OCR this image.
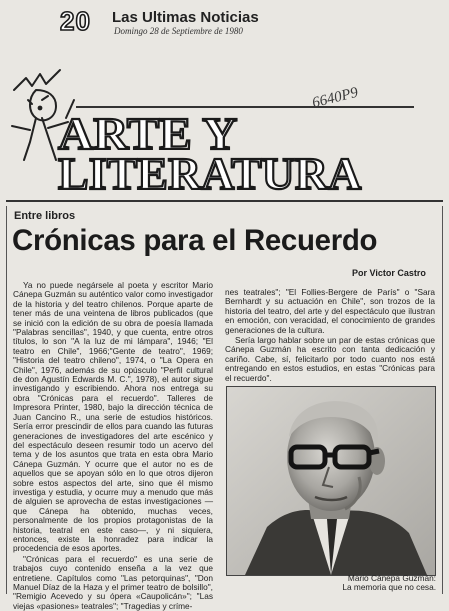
20 Las Ultimas Noticias
Domingo 28 de Septiembre de 1980
ARTE Y
LITERATURA
6640P9
Entre libros
Crónicas para el Recuerdo
Por Victor Castro

Ya no puede negársele al poeta y escritor Mario Cánepa Guzmán su auténtico valor como investigador de la historia y del teatro chilenos. Porque aparte de tener más de una veintena de libros publicados (que se inició con la edición de su obra de poesía llamada "Palabras sencillas", 1940, y que cuenta, entre otros títulos, lo son "A la luz de mi lámpara", 1946; "El teatro en Chile", 1966;"Gente de teatro", 1969; "Historia del teatro chileno", 1974, o "La Opera en Chile", 1976, además de su opúsculo "Perfil cultural de don Agustín Edwards M. C.", 1978), el autor sigue investigando y escribiendo. Ahora nos entrega su obra "Crónicas para el recuerdo". Talleres de Impresora Printer, 1980, bajo la dirección técnica de Juan Cancino R., una serie de estudios históricos. Sería error prescindir de ellos para cuando las futuras generaciones de investigadores del arte escénico y del espectáculo deseen resumir todo un acervo del tema y de los asuntos que trata en esta obra Mario Cánepa Guzmán. Y ocurre que el autor no es de aquellos que se apoyan sólo en lo que otros dijeron sobre estos aspectos del arte, sino que él mismo investiga y estudia, y ocurre muy a menudo que más de alguien se aprovecha de estas investigaciones —que Cánepa ha obtenido, muchas veces, personalmente de los propios protagonistas de la historia, teatral en este caso—, y ni siquiera, entonces, existe la honradez para indicar la procedencia de esos aportes.

"Crónicas para el recuerdo" es una serie de trabajos cuyo contenido enseña a la vez que entretiene. Capítulos como "Las petorquinas", "Don Manuel Díaz de la Haza y el primer teatro de bolsillo", "Remigio Acevedo y su ópera «Caupolicán»"; "Las viejas «pasiones» teatrales"; "Tragedias y críme-

nes teatrales"; "El Follies-Bergere de París" o "Sara Bernhardt y su actuación en Chile", son trozos de la historia del teatro, del arte y del espectáculo que ilustran en emoción, con veracidad, el conocimiento de grandes generaciones de la cultura.

Sería largo hablar sobre un par de estas crónicas que Cánepa Guzmán ha escrito con tanta dedicación y cariño. Cabe, sí, felicitarlo por todo cuanto nos está entregando en estos estudios, en estas "Crónicas para el recuerdo".

Mario Cánepa Guzmán:
La memoria que no cesa.
